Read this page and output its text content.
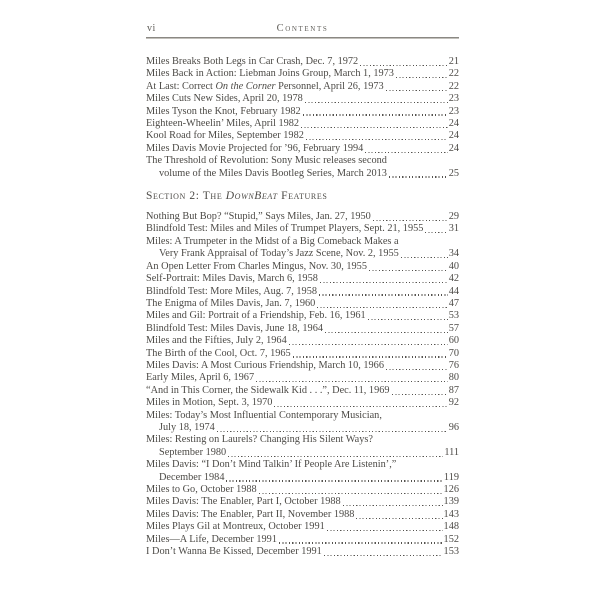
vi	Contents
Miles Breaks Both Legs in Car Crash, Dec. 7, 1972	21
Miles Back in Action: Liebman Joins Group, March 1, 1973	22
At Last: Correct On the Corner Personnel, April 26, 1973	22
Miles Cuts New Sides, April 20, 1978	23
Miles Tyson the Knot, February 1982	23
Eighteen-Wheelin’ Miles, April 1982	24
Kool Road for Miles, September 1982	24
Miles Davis Movie Projected for ’96, February 1994	24
The Threshold of Revolution: Sony Music releases second
volume of the Miles Davis Bootleg Series, March 2013	25
Section 2: The DownBeat Features
Nothing But Bop? “Stupid,” Says Miles, Jan. 27, 1950	29
Blindfold Test: Miles and Miles of Trumpet Players, Sept. 21, 1955 31
Miles: A Trumpeter in the Midst of a Big Comeback Makes a
Very Frank Appraisal of Today’s Jazz Scene, Nov. 2, 1955	34
An Open Letter From Charles Mingus, Nov. 30, 1955	40
Self-Portrait: Miles Davis, March 6, 1958	42
Blindfold Test: More Miles, Aug. 7, 1958	44
The Enigma of Miles Davis, Jan. 7, 1960	47
Miles and Gil: Portrait of a Friendship, Feb. 16, 1961	53
Blindfold Test: Miles Davis, June 18, 1964	57
Miles and the Fifties, July 2, 1964	60
The Birth of the Cool, Oct. 7, 1965	70
Miles Davis: A Most Curious Friendship, March 10, 1966	76
Early Miles, April 6, 1967	80
“And in This Corner, the Sidewalk Kid . . .”, Dec. 11, 1969	87
Miles in Motion, Sept. 3, 1970	92
Miles: Today’s Most Influential Contemporary Musician,
July 18, 1974	96
Miles: Resting on Laurels? Changing His Silent Ways?
September 1980	111
Miles Davis: “I Don’t Mind Talkin’ If People Are Listenin’,”
December 1984	119
Miles to Go, October 1988	126
Miles Davis: The Enabler, Part I, October 1988	139
Miles Davis: The Enabler, Part II, November 1988	143
Miles Plays Gil at Montreux, October 1991	148
Miles—A Life, December 1991	152
I Don’t Wanna Be Kissed, December 1991	153
